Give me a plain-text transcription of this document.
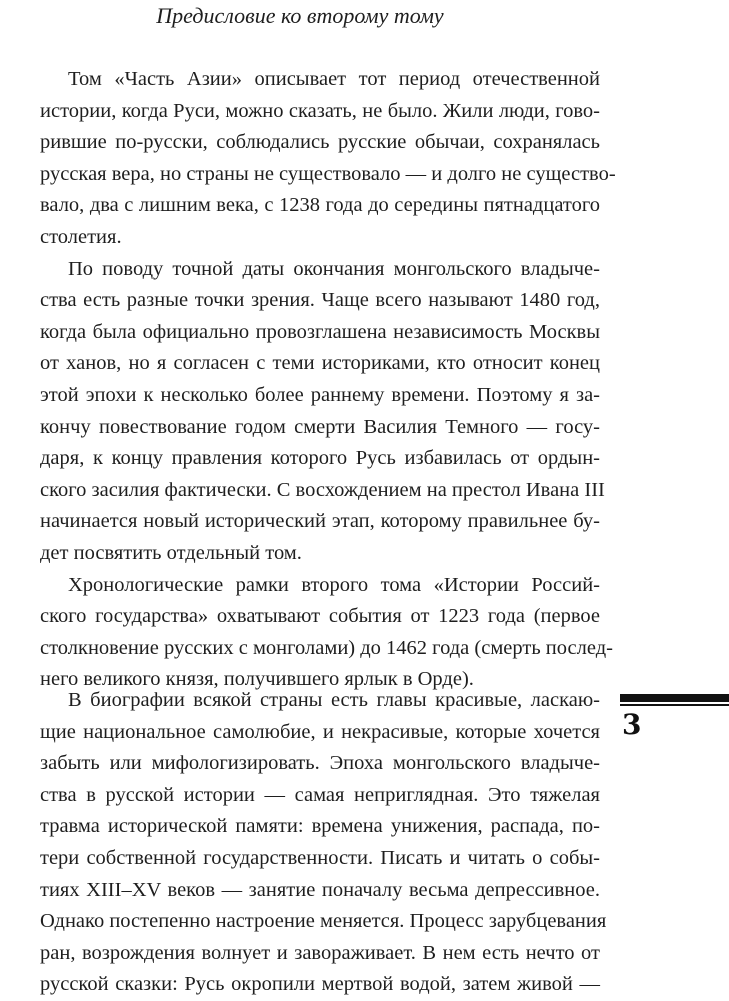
Предисловие ко второму тому

Том «Часть Азии» описывает тот период отечественной
истории, когда Руси, можно сказать, не было. Жили люди, гово-
рившие по-русски, соблюдались русские обычаи, сохранялась
русская вера, но страны не существовало — и долго не существо-
вало, два с лишним века, с 1238 года до середины пятнадцатого
столетия.

По поводу точной даты окончания монгольского владыче-
ства есть разные точки зрения. Чаще всего называют 1480 год,
когда была официально провозглашена независимость Москвы
от ханов, но я согласен с теми историками, кто относит конец
этой эпохи к несколько более раннему времени. Поэтому я за-
кончу повествование годом смерти Василия Темного — госу-
даря, к концу правления которого Русь избавилась от ордын-
ского засилия фактически. С восхождением на престол Ивана III
начинается новый исторический этап, которому правильнее бу-
дет посвятить отдельный том.

Хронологические рамки второго тома «Истории Россий-
ского государства» охватывают события от 1223 года (первое
столкновение русских с монголами) до 1462 года (смерть послед-
него великого князя, получившего ярлык в Орде).

3

В биографии всякой страны есть главы красивые, ласкаю-
щие национальное самолюбие, и некрасивые, которые хочется
забыть или мифологизировать. Эпоха монгольского владыче-
ства в русской истории — самая неприглядная. Это тяжелая
травма исторической памяти: времена унижения, распада, по-
тери собственной государственности. Писать и читать о собы-
тиях XIII–XV веков — занятие поначалу весьма депрессивное.
Однако постепенно настроение меняется. Процесс зарубцевания
ран, возрождения волнует и завораживает. В нем есть нечто от
русской сказки: Русь окропили мертвой водой, затем живой —
